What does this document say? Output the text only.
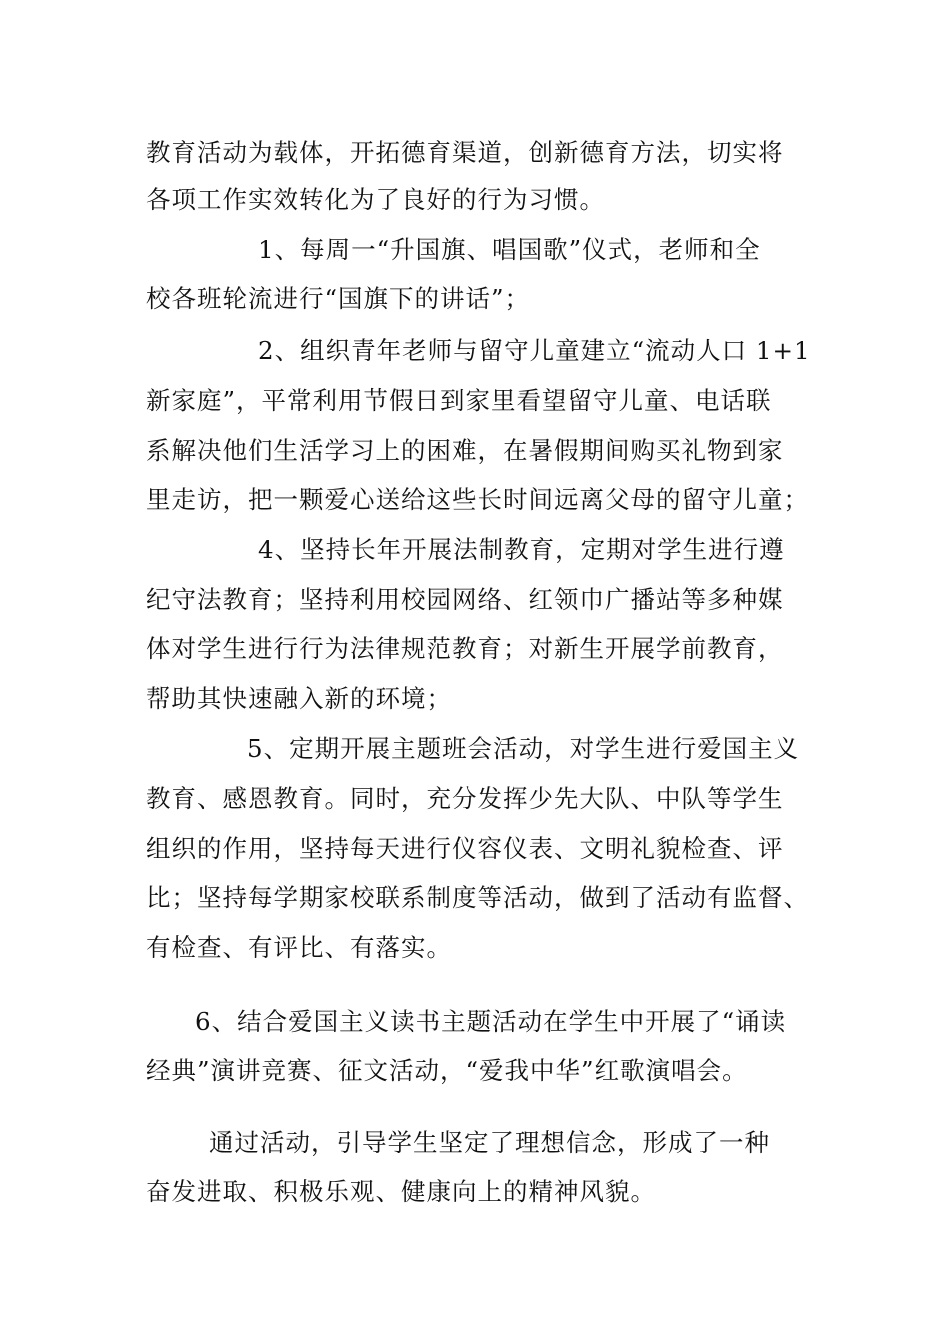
教育活动为载体，开拓德育渠道，创新德育方法，切实将
各项工作实效转化为了良好的行为习惯。
1、每周一“升国旗、唱国歌”仪式，老师和全
校各班轮流进行“国旗下的讲话”；
2、组织青年老师与留守儿童建立“流动人口 1+1
新家庭”，平常利用节假日到家里看望留守儿童、电话联
系解决他们生活学习上的困难，在暑假期间购买礼物到家
里走访，把一颗爱心送给这些长时间远离父母的留守儿童；
4、坚持长年开展法制教育，定期对学生进行遵
纪守法教育；坚持利用校园网络、红领巾广播站等多种媒
体对学生进行行为法律规范教育；对新生开展学前教育，
帮助其快速融入新的环境；
5、定期开展主题班会活动，对学生进行爱国主义
教育、感恩教育。同时，充分发挥少先大队、中队等学生
组织的作用，坚持每天进行仪容仪表、文明礼貌检查、评
比；坚持每学期家校联系制度等活动，做到了活动有监督、
有检查、有评比、有落实。
6、结合爱国主义读书主题活动在学生中开展了“诵读
经典”演讲竞赛、征文活动，“爱我中华”红歌演唱会。
通过活动，引导学生坚定了理想信念，形成了一种
奋发进取、积极乐观、健康向上的精神风貌。
